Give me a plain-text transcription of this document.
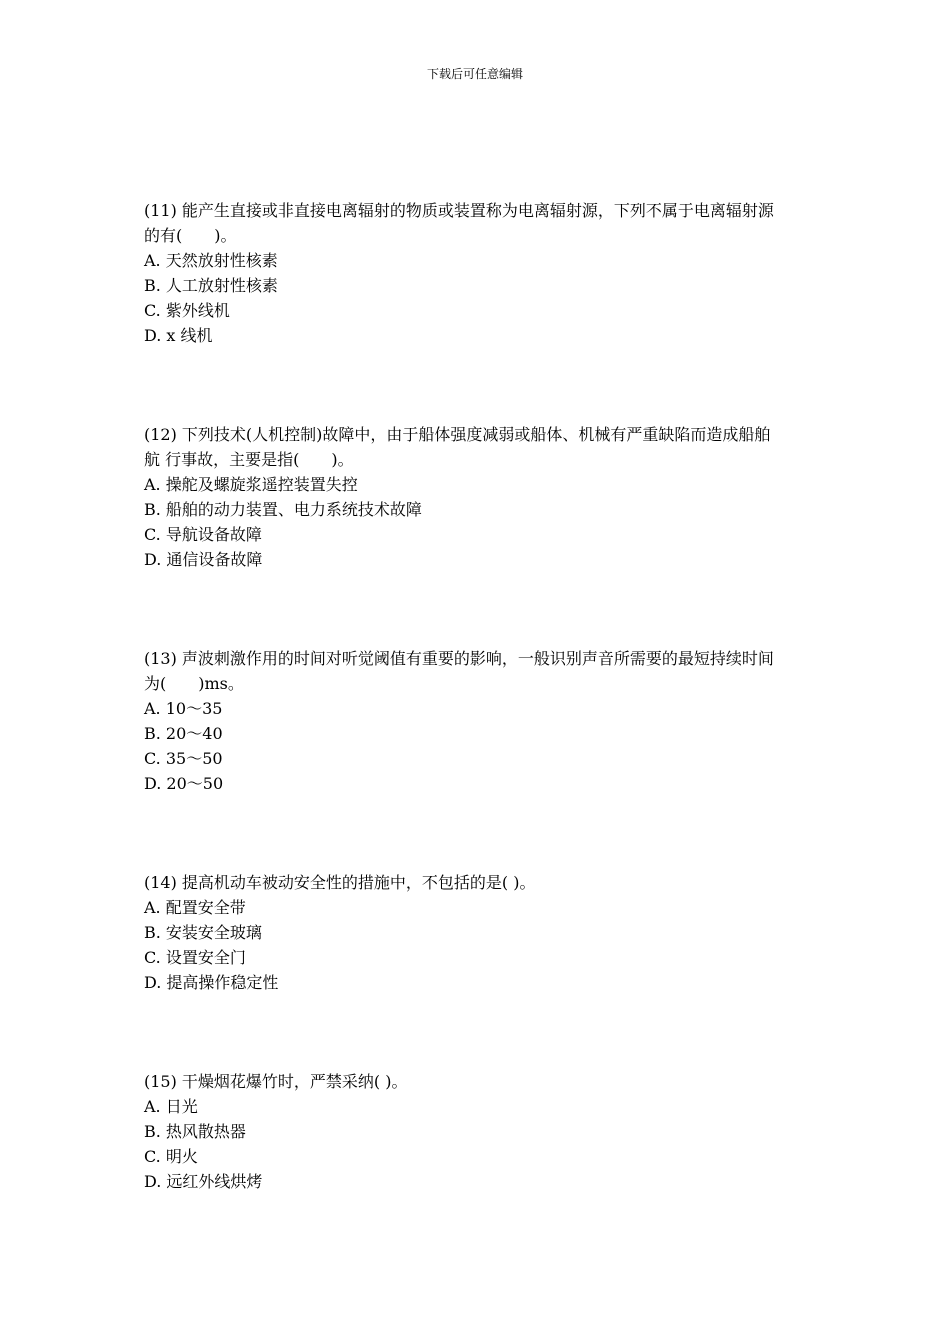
下载后可任意编辑
(11) 能产生直接或非直接电离辐射的物质或装置称为电离辐射源，下列不属于电离辐射源
的有(　　)。
A. 天然放射性核素
B. 人工放射性核素
C. 紫外线机
D. x 线机
(12) 下列技术(人机控制)故障中，由于船体强度减弱或船体、机械有严重缺陷而造成船舶
航 行事故，主要是指(　　)。
A. 操舵及螺旋浆遥控装置失控
B. 船舶的动力装置、电力系统技术故障
C. 导航设备故障
D. 通信设备故障
(13) 声波刺激作用的时间对听觉阈值有重要的影响，一般识别声音所需要的最短持续时间
为(　　)ms。
A. 10～35
B. 20～40
C. 35～50
D. 20～50
(14) 提高机动车被动安全性的措施中，不包括的是( )。
A. 配置安全带
B. 安装安全玻璃
C. 设置安全门
D. 提高操作稳定性
(15) 干燥烟花爆竹时，严禁采纳( )。
A. 日光
B. 热风散热器
C. 明火
D. 远红外线烘烤
